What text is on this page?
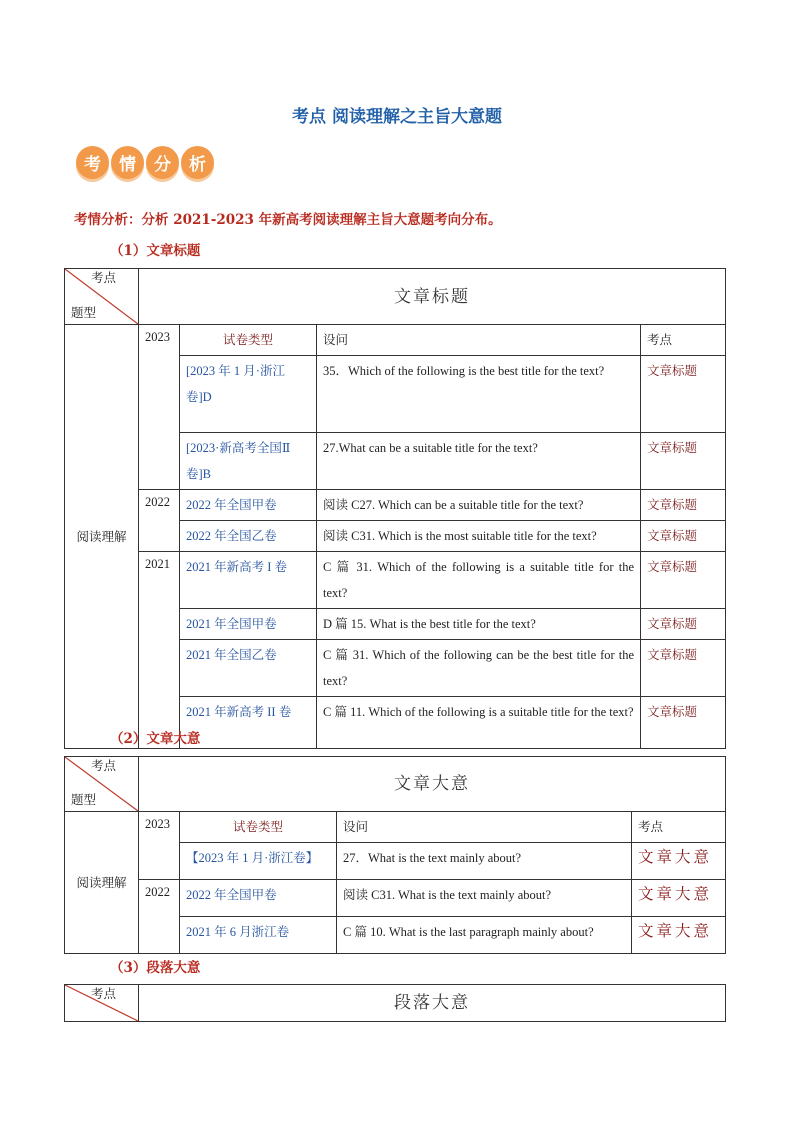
考点 阅读理解之主旨大意题
考	情	分	析
考情分析：分析 2021-2023 年新高考阅读理解主旨大意题考向分布。
（1）文章标题
考点
题型	文章标题			
阅读理解	2023	试卷类型	设问	考点
		[2023 年 1 月·浙江卷]D	35．Which of the following is the best title for the text?	文章标题
		[2023·新高考全国Ⅱ卷]B	27.What can be a suitable title for the text?	文章标题
	2022	2022 年全国甲卷	阅读 C27. Which can be a suitable title for the text?	文章标题
		2022 年全国乙卷	阅读 C31. Which is the most suitable title for the text?	文章标题
	2021	2021 年新高考 I 卷	C 篇 31. Which of the following is a suitable title for the text?	文章标题
		2021 年全国甲卷	D 篇 15. What is the best title for the text?	文章标题
		2021 年全国乙卷	C 篇 31. Which of the following can be the best title for the text?	文章标题
		2021 年新高考 II 卷	C 篇 11. Which of the following is a suitable title for the text?	文章标题
（2）文章大意
考点
题型	文章大意			
阅读理解	2023	试卷类型	设问	考点
		【2023 年 1 月·浙江卷】	27．What is the text mainly about?	文章大意
	2022	2022 年全国甲卷	阅读 C31. What is the text mainly about?	文章大意
		2021 年 6 月浙江卷	C 篇 10. What is the last paragraph mainly about?	文章大意
（3）段落大意
考点	段落大意
